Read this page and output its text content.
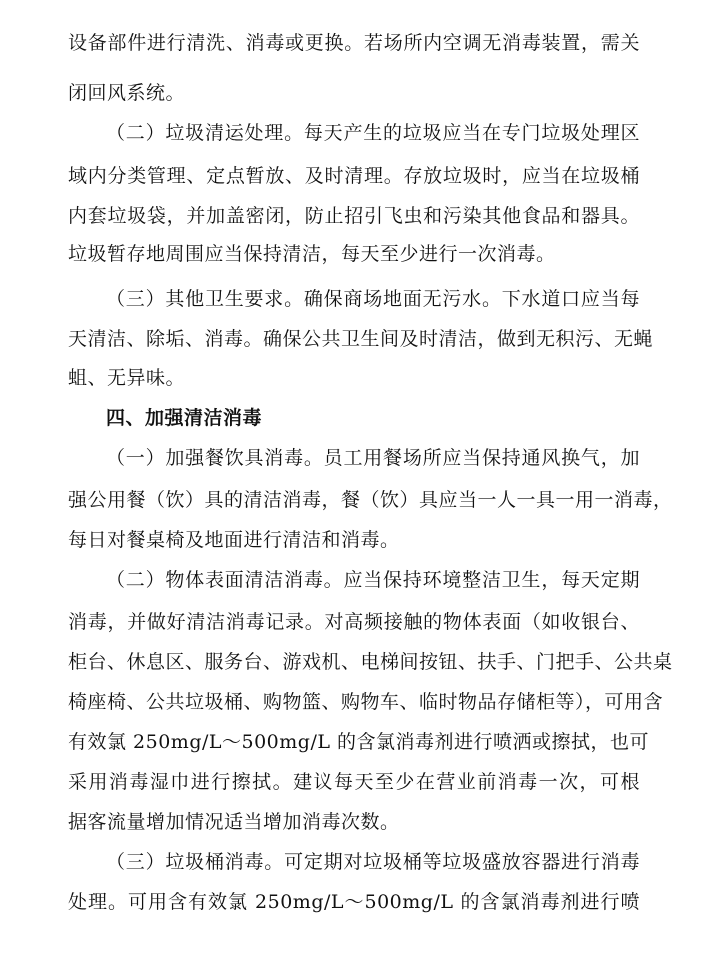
设备部件进行清洗、消毒或更换。若场所内空调无消毒装置，需关
闭回风系统。
（二）垃圾清运处理。每天产生的垃圾应当在专门垃圾处理区
域内分类管理、定点暂放、及时清理。存放垃圾时，应当在垃圾桶
内套垃圾袋，并加盖密闭，防止招引飞虫和污染其他食品和器具。
垃圾暂存地周围应当保持清洁，每天至少进行一次消毒。
（三）其他卫生要求。确保商场地面无污水。下水道口应当每
天清洁、除垢、消毒。确保公共卫生间及时清洁，做到无积污、无蝇
蛆、无异味。
四、加强清洁消毒
（一）加强餐饮具消毒。员工用餐场所应当保持通风换气，加
强公用餐（饮）具的清洁消毒，餐（饮）具应当一人一具一用一消毒，
每日对餐桌椅及地面进行清洁和消毒。
（二）物体表面清洁消毒。应当保持环境整洁卫生，每天定期
消毒，并做好清洁消毒记录。对高频接触的物体表面（如收银台、
柜台、休息区、服务台、游戏机、电梯间按钮、扶手、门把手、公共桌
椅座椅、公共垃圾桶、购物篮、购物车、临时物品存储柜等），可用含
有效氯 250mg/L～500mg/L 的含氯消毒剂进行喷洒或擦拭，也可
采用消毒湿巾进行擦拭。建议每天至少在营业前消毒一次，可根
据客流量增加情况适当增加消毒次数。
（三）垃圾桶消毒。可定期对垃圾桶等垃圾盛放容器进行消毒
处理。可用含有效氯 250mg/L～500mg/L 的含氯消毒剂进行喷
